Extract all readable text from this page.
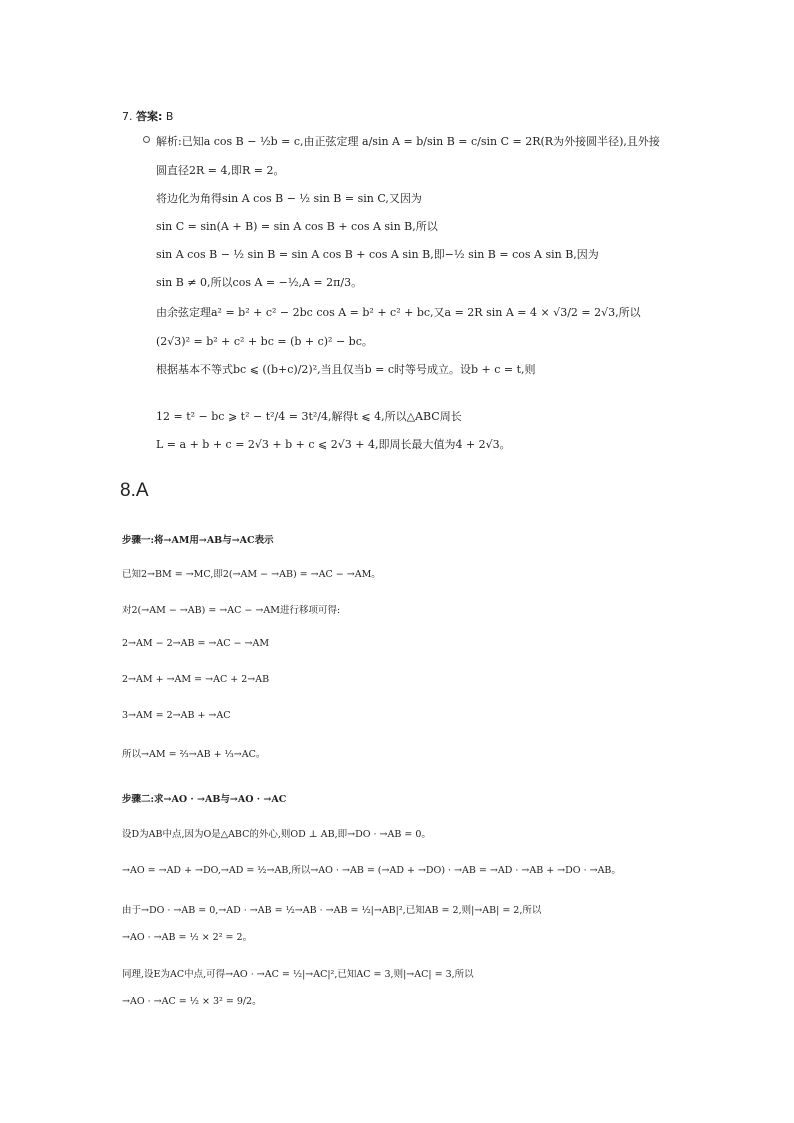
7. 答案: B
解析:已知a cos B − ½b = c,由正弦定理 a/sin A = b/sin B = c/sin C = 2R(R为外接圆半径),且外接
圆直径2R = 4,即R = 2。
将边化为角得sin A cos B − ½ sin B = sin C,又因为
sin C = sin(A + B) = sin A cos B + cos A sin B,所以
sin A cos B − ½ sin B = sin A cos B + cos A sin B,即−½ sin B = cos A sin B,因为
sin B ≠ 0,所以cos A = −½,A = 2π/3。
由余弦定理a² = b² + c² − 2bc cos A = b² + c² + bc,又a = 2R sin A = 4 × √3/2 = 2√3,所以
(2√3)² = b² + c² + bc = (b + c)² − bc。
根据基本不等式bc ⩽ ((b+c)/2)²,当且仅当b = c时等号成立。设b + c = t,则
12 = t² − bc ⩾ t² − t²/4 = 3t²/4,解得t ⩽ 4,所以△ABC周长
L = a + b + c = 2√3 + b + c ⩽ 2√3 + 4,即周长最大值为4 + 2√3。
8.A
步骤一:将→AM用→AB与→AC表示
已知2→BM = →MC,即2(→AM − →AB) = →AC − →AM。
对2(→AM − →AB) = →AC − →AM进行移项可得:
2→AM − 2→AB = →AC − →AM
2→AM + →AM = →AC + 2→AB
3→AM = 2→AB + →AC
所以→AM = ⅔→AB + ⅓→AC。
步骤二:求→AO · →AB与→AO · →AC
设D为AB中点,因为O是△ABC的外心,则OD ⊥ AB,即→DO · →AB = 0。
→AO = →AD + →DO,→AD = ½→AB,所以→AO · →AB = (→AD + →DO) · →AB = →AD · →AB + →DO · →AB。
由于→DO · →AB = 0,→AD · →AB = ½→AB · →AB = ½|→AB|²,已知AB = 2,则|→AB| = 2,所以
→AO · →AB = ½ × 2² = 2。
同理,设E为AC中点,可得→AO · →AC = ½|→AC|²,已知AC = 3,则|→AC| = 3,所以
→AO · →AC = ½ × 3² = 9/2。
